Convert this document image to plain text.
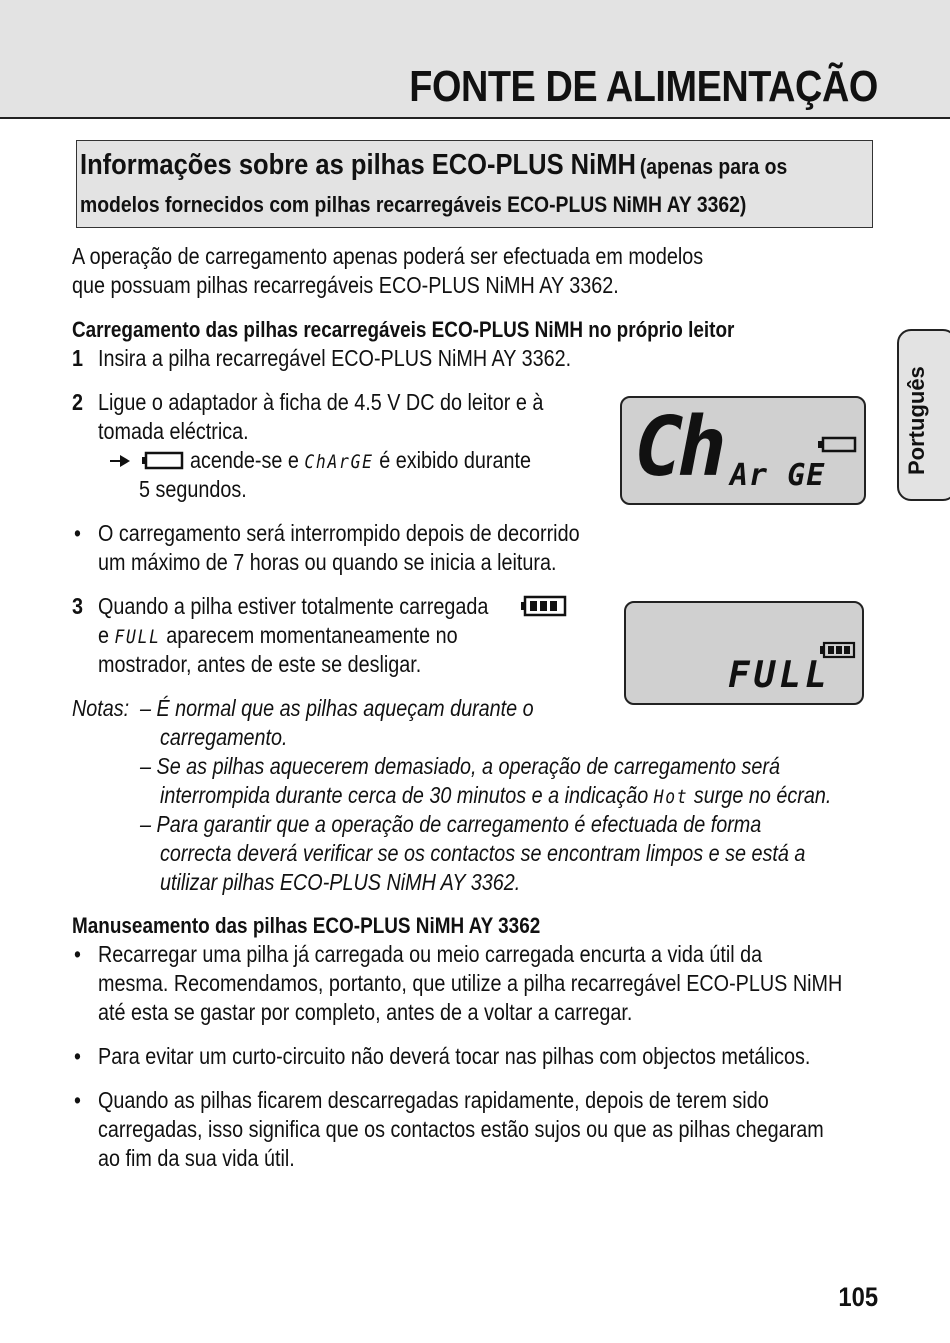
FONTE DE ALIMENTAÇÃO
Informações sobre as pilhas ECO-PLUS NiMH (apenas para os
modelos fornecidos com pilhas recarregáveis ECO-PLUS NiMH AY 3362)
A operação de carregamento apenas poderá ser efectuada em modelos
que possuam pilhas recarregáveis ECO-PLUS NiMH AY 3362.
Carregamento das pilhas recarregáveis ECO-PLUS NiMH no próprio leitor
1 Insira a pilha recarregável ECO-PLUS NiMH AY 3362.
2 Ligue o adaptador à ficha de 4.5 V DC do leitor e à
tomada eléctrica.
acende-se e ChArGE é exibido durante
5 segundos.	Ch Ar GE
• O carregamento será interrompido depois de decorrido
um máximo de 7 horas ou quando se inicia a leitura.
3 Quando a pilha estiver totalmente carregada
e FULL aparecem momentaneamente no
mostrador, antes de este se desligar.	FULL
Notas: – É normal que as pilhas aqueçam durante o
carregamento.
– Se as pilhas aquecerem demasiado, a operação de carregamento será
interrompida durante cerca de 30 minutos e a indicação Hot surge no écran.
– Para garantir que a operação de carregamento é efectuada de forma
correcta deverá verificar se os contactos se encontram limpos e se está a
utilizar pilhas ECO-PLUS NiMH AY 3362.
Manuseamento das pilhas ECO-PLUS NiMH AY 3362
• Recarregar uma pilha já carregada ou meio carregada encurta a vida útil da
mesma. Recomendamos, portanto, que utilize a pilha recarregável ECO-PLUS NiMH
até esta se gastar por completo, antes de a voltar a carregar.
• Para evitar um curto-circuito não deverá tocar nas pilhas com objectos metálicos.
• Quando as pilhas ficarem descarregadas rapidamente, depois de terem sido
carregadas, isso significa que os contactos estão sujos ou que as pilhas chegaram
ao fim da sua vida útil.
Português
105
